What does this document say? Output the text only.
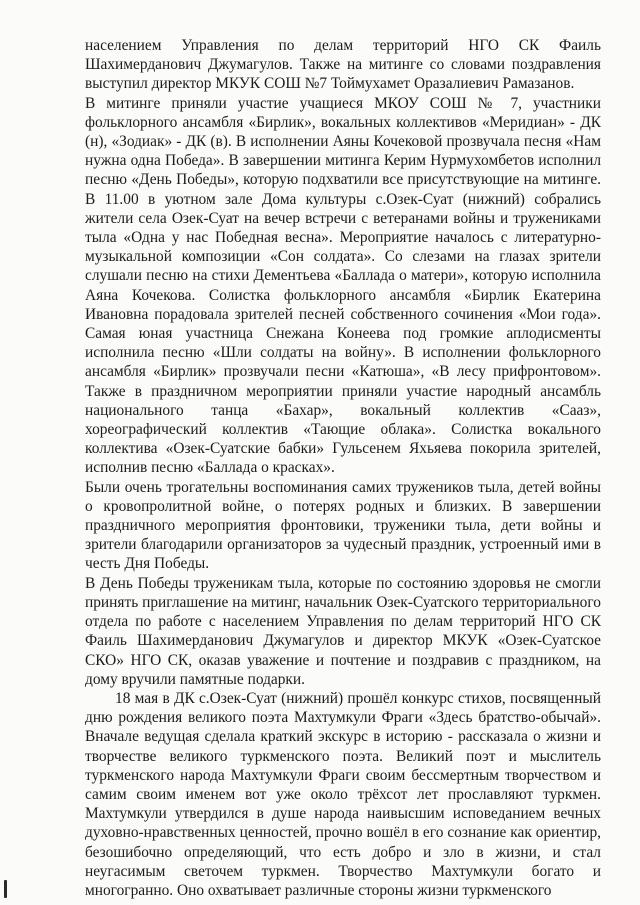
населением Управления по делам территорий НГО СК Фаиль Шахимерданович Джумагулов. Также на митинге со словами поздравления выступил директор МКУК СОШ №7 Тоймухамет Оразалиевич Рамазанов.

В митинге приняли участие учащиеся МКОУ СОШ № 7, участники фольклорного ансамбля «Бирлик», вокальных коллективов «Меридиан» - ДК (н), «Зодиак» - ДК (в). В исполнении Аяны Кочековой прозвучала песня «Нам нужна одна Победа». В завершении митинга Керим Нурмухомбетов исполнил песню «День Победы», которую подхватили все присутствующие на митинге. В 11.00 в уютном зале Дома культуры с.Озек-Суат (нижний) собрались жители села Озек-Суат на вечер встречи с ветеранами войны и тружениками тыла «Одна у нас Победная весна». Мероприятие началось с литературно-музыкальной композиции «Сон солдата». Со слезами на глазах зрители слушали песню на стихи Дементьева «Баллада о матери», которую исполнила Аяна Кочекова. Солистка фольклорного ансамбля «Бирлик Екатерина Ивановна порадовала зрителей песней собственного сочинения «Мои года». Самая юная участница Снежана Конеева под громкие аплодисменты исполнила песню «Шли солдаты на войну». В исполнении фольклорного ансамбля «Бирлик» прозвучали песни «Катюша», «В лесу прифронтовом». Также в праздничном мероприятии приняли участие народный ансамбль национального танца «Бахар», вокальный коллектив «Сааз», хореографический коллектив «Тающие облака». Солистка вокального коллектива «Озек-Суатские бабки» Гульсенем Яхьяева покорила зрителей, исполнив песню «Баллада о красках».

Были очень трогательны воспоминания самих тружеников тыла, детей войны о кровопролитной войне, о потерях родных и близких. В завершении праздничного мероприятия фронтовики, труженики тыла, дети войны и зрители благодарили организаторов за чудесный праздник, устроенный ими в честь Дня Победы.

В День Победы труженикам тыла, которые по состоянию здоровья не смогли принять приглашение на митинг, начальник Озек-Суатского территориального отдела по работе с населением Управления по делам территорий НГО СК Фаиль Шахимерданович Джумагулов и директор МКУК «Озек-Суатское СКО» НГО СК, оказав уважение и почтение и поздравив с праздником, на дому вручили памятные подарки.

18 мая в ДК с.Озек-Суат (нижний) прошёл конкурс стихов, посвященный дню рождения великого поэта Махтумкули Фраги «Здесь братство-обычай». Вначале ведущая сделала краткий экскурс в историю - рассказала о жизни и творчестве великого туркменского поэта. Великий поэт и мыслитель туркменского народа Махтумкули Фраги своим бессмертным творчеством и самим своим именем вот уже около трёхсот лет прославляют туркмен. Махтумкули утвердился в душе народа наивысшим исповеданием вечных духовно-нравственных ценностей, прочно вошёл в его сознание как ориентир, безошибочно определяющий, что есть добро и зло в жизни, и стал неугасимым светочем туркмен. Творчество Махтумкули богато и многогранно. Оно охватывает различные стороны жизни туркменского
